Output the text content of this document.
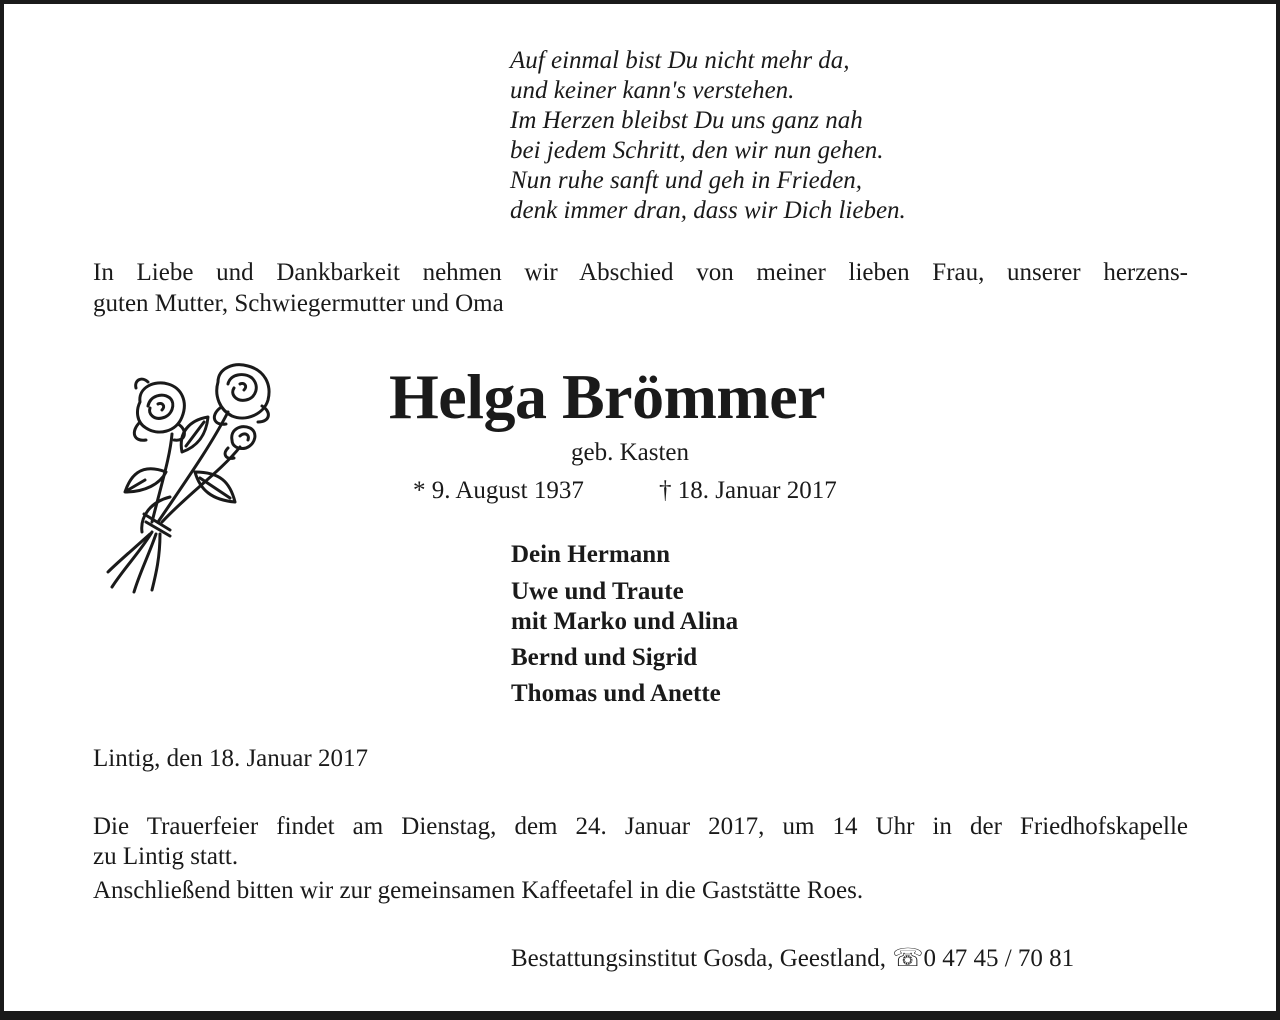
Auf einmal bist Du nicht mehr da,
und keiner kann's verstehen.
Im Herzen bleibst Du uns ganz nah
bei jedem Schritt, den wir nun gehen.
Nun ruhe sanft und geh in Frieden,
denk immer dran, dass wir Dich lieben.
In Liebe und Dankbarkeit nehmen wir Abschied von meiner lieben Frau, unserer herzens-
guten Mutter, Schwiegermutter und Oma
Helga Brömmer
geb. Kasten
* 9. August 1937	† 18. Januar 2017
Dein Hermann
Uwe und Traute
mit Marko und Alina
Bernd und Sigrid
Thomas und Anette
Lintig, den 18. Januar 2017
Die Trauerfeier findet am Dienstag, dem 24. Januar 2017, um 14 Uhr in der Friedhofskapelle
zu Lintig statt.
Anschließend bitten wir zur gemeinsamen Kaffeetafel in die Gaststätte Roes.
Bestattungsinstitut Gosda, Geestland, ☏0 47 45 / 70 81
